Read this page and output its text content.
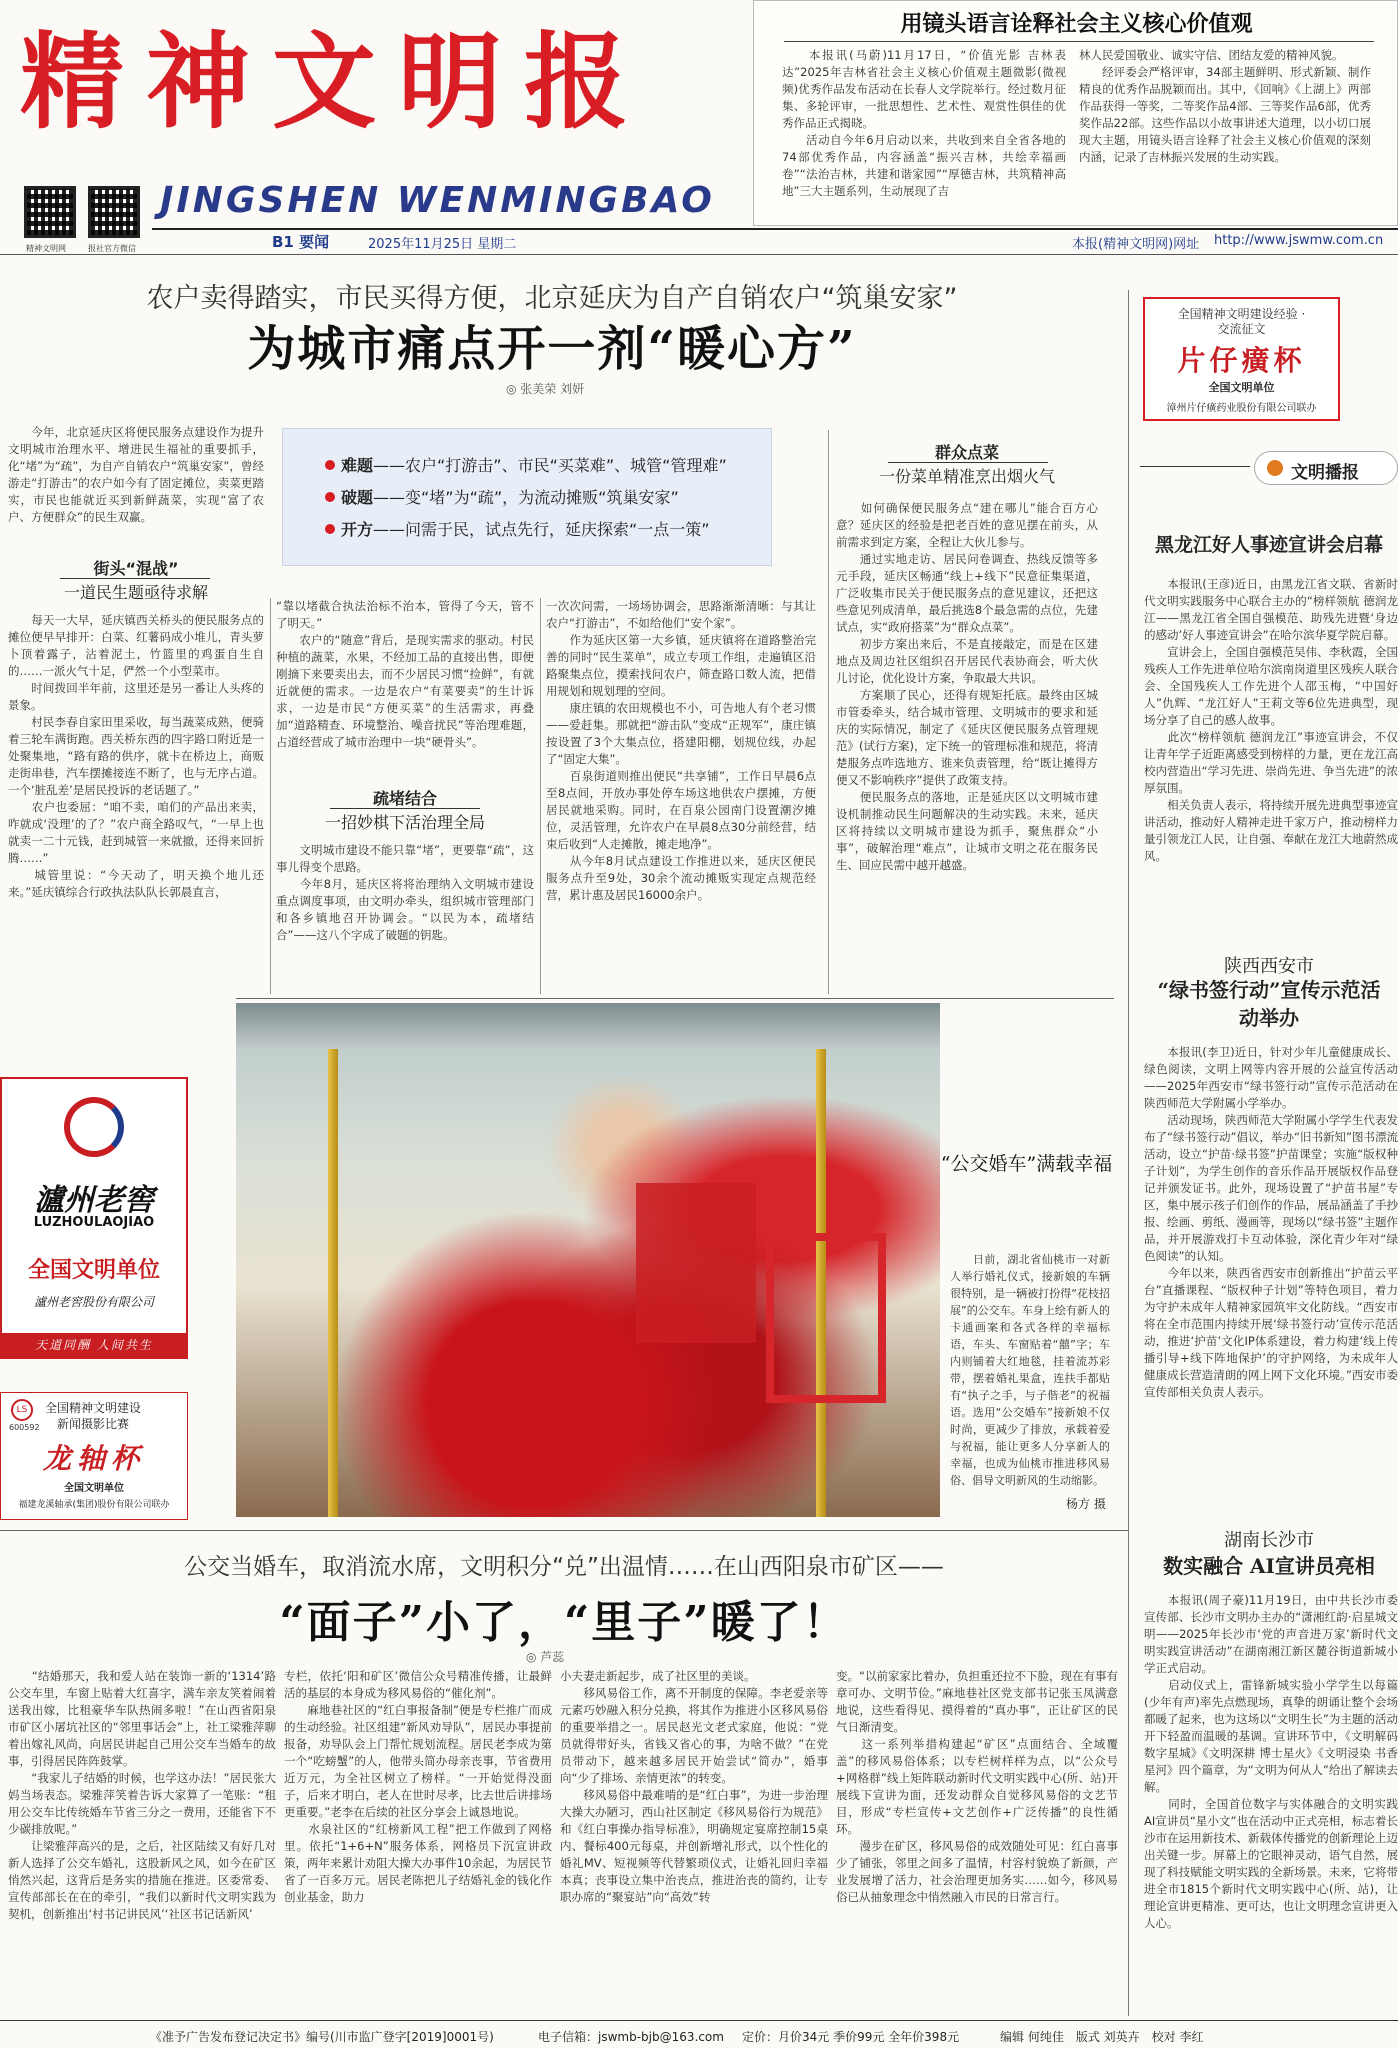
精神文明报
JINGSHEN WENMINGBAO
精神文明网	报社官方微信	B1 要闻	2025年11月25日 星期二	本报(精神文明网)网址 http://www.jswmw.com.cn
用镜头语言诠释社会主义核心价值观
　　本报讯(马蔚)11月17日，“价值光影 吉林表达”2025年吉林省社会主义核心价值观主题微影(微视频)优秀作品发布活动在长春人文学院举行。经过数月征集、多轮评审，一批思想性、艺术性、观赏性俱佳的优秀作品正式揭晓。
　　活动自今年6月启动以来，共收到来自全省各地的74部优秀作品，内容涵盖“振兴吉林，共绘幸福画卷”“法治吉林，共建和谐家园”“厚德吉林，共筑精神高地”三大主题系列，生动展现了吉
林人民爱国敬业、诚实守信、团结友爱的精神风貌。
　　经评委会严格评审，34部主题鲜明、形式新颖、制作精良的优秀作品脱颖而出。其中，《回响》《上湖上》两部作品获得一等奖，二等奖作品4部、三等奖作品6部，优秀奖作品22部。这些作品以小故事讲述大道理，以小切口展现大主题，用镜头语言诠释了社会主义核心价值观的深刻内涵，记录了吉林振兴发展的生动实践。
农户卖得踏实，市民买得方便，北京延庆为自产自销农户“筑巢安家”
为城市痛点开一剂“暖心方”
◎ 张美荣 刘妍
　　今年，北京延庆区将便民服务点建设作为提升文明城市治理水平、增进民生福祉的重要抓手，化“堵”为“疏”，为自产自销农户“筑巢安家”，曾经游走“打游击”的农户如今有了固定摊位，卖菜更踏实，市民也能就近买到新鲜蔬菜，实现“富了农户、方便群众”的民生双赢。
难题——农户“打游击”、市民“买菜难”、城管“管理难”
破题——变“堵”为“疏”，为流动摊贩“筑巢安家”
开方——问需于民，试点先行，延庆探索“一点一策”
街头“混战”
一道民生题亟待求解
　　每天一大早，延庆镇西关桥头的便民服务点的摊位便早早排开：白菜、红薯码成小堆儿，青头萝卜顶着露子，沾着泥土，竹篮里的鸡蛋自生自的……一派火气十足，俨然一个小型菜市。
　　时间拨回半年前，这里还是另一番让人头疼的景象。
　　村民李春自家田里采收，每当蔬菜成熟，便骑着三轮车满街跑。西关桥东西的四字路口附近是一处聚集地，“路有路的供序，就卡在桥边上，商贩走街串巷，汽车摆摊接连不断了，也与无序占道。一个‘脏乱差’是居民投诉的老话题了。”
　　农户也委屈：“咱不卖，咱们的产品出来卖，咋就成‘没理’的了？”农户商全路叹气，“一早上也就卖一二十元钱，赶到城管一来就撤，还得来回折腾……”
　　城管里说：“今天动了，明天换个地儿还来。”延庆镇综合行政执法队队长郭晨直言，
“靠以堵截合执法治标不治本，管得了今天，管不了明天。”
　　农户的“随意”背后，是现实需求的驱动。村民种植的蔬菜，水果，不经加工品的直接出售，即便刚摘下来要卖出去，而不少居民习惯“捡鲜”，有就近就便的需求。一边是农户“有菜要卖”的生计诉求，一边是市民“方便买菜”的生活需求，再叠加“道路精查、环境整治、噪音扰民”等治理难题，占道经营成了城市治理中一块“硬骨头”。
疏堵结合
一招妙棋下活治理全局
　　文明城市建设不能只靠“堵”，更要靠“疏”，这事儿得变个思路。
　　今年8月，延庆区将将治理纳入文明城市建设重点调度事项，由文明办牵头，组织城市管理部门和各乡镇地召开协调会。“以民为本，疏堵结合”——这八个字成了破题的钥匙。
一次次问需，一场场协调会，思路渐渐清晰：与其让农户“打游击”，不如给他们“安个家”。
　　作为延庆区第一大乡镇，延庆镇将在道路整治完善的同时“民生菜单”，成立专项工作组，走遍镇区沿路聚集点位，摸索找问农户，筛查路口数人流，把借用规划和规划理的空间。
　　康庄镇的农田规模也不小，可告地人有个老习惯——爱赶集。那就把“游击队”变成“正规军”，康庄镇按设置了3个大集点位，搭建阳棚，划规位线，办起了“固定大集”。
　　百泉街道则推出便民“共享铺”，工作日早晨6点至8点间，开放办事处停车场这地供农户摆摊，方便居民就地采购。同时，在百泉公园南门设置潮汐摊位，灵活管理，允许农户在早晨8点30分前经营，结束后收到“人走摊散，摊走地净”。
　　从今年8月试点建设工作推进以来，延庆区便民服务点升至9处，30余个流动摊贩实现定点规范经营，累计惠及居民16000余户。
群众点菜
一份菜单精准烹出烟火气
　　如何确保便民服务点“建在哪儿”能合百方心意？延庆区的经验是把老百姓的意见摆在前头，从前需求到定方案，全程让大伙儿参与。
　　通过实地走访、居民问卷调查、热线反馈等多元手段，延庆区畅通“线上+线下”民意征集渠道，广泛收集市民关于便民服务点的意见建议，还把这些意见列成清单，最后挑选8个最急需的点位，先建试点，实“政府搭菜”为“群众点菜”。
　　初步方案出来后，不是直接敲定，而是在区建地点及周边社区组织召开居民代表协商会，听大伙儿讨论，优化设计方案，争取最大共识。
　　方案顺了民心，还得有规矩托底。最终由区城市管委牵头，结合城市管理、文明城市的要求和延庆的实际情况，制定了《延庆区便民服务点管理规范》(试行方案)，定下统一的管理标准和规范，将清楚服务点咋选地方、谁来负责管理，给“既让摊得方便又不影响秩序”提供了政策支持。
　　便民服务点的落地，正是延庆区以文明城市建设机制推动民生问题解决的生动实践。未来，延庆区将持续以文明城市建设为抓手，聚焦群众“小事”，破解治理“难点”，让城市文明之花在服务民生、回应民需中越开越盛。
“公交婚车”满载幸福
　　日前，湖北省仙桃市一对新人举行婚礼仪式，接新娘的车辆很特别，是一辆被打扮得“花枝招展”的公交车。车身上绘有新人的卡通画案和各式各样的幸福标语，车头、车窗贴着“囍”字；车内则铺着大红地毯，挂着流苏彩带，摆着婚礼果盒，连扶手都贴有“执子之手，与子偕老”的祝福语。选用“公交婚车”接新娘不仅时尚，更减少了排放，承载着爱与祝福，能让更多人分享新人的幸福，也成为仙桃市推进移风易俗、倡导文明新风的生动缩影。
杨方 摄
全国精神文明建设经验 · 交流征文
片仔癀杯
全国文明单位
漳州片仔癀药业股份有限公司联办
文明播报
黑龙江好人事迹宣讲会启幕
　　本报讯(王彦)近日，由黑龙江省文联、省新时代文明实践服务中心联合主办的“榜样领航 德润龙江——黑龙江省全国自强模范、助残先进暨‘身边的感动’好人事迹宣讲会”在哈尔滨华夏学院启幕。
　　宣讲会上，全国自强模范吴伟、李秋霞，全国残疾人工作先进单位哈尔滨南岗道里区残疾人联合会、全国残疾人工作先进个人邵玉梅，“中国好人”仇辉、“龙江好人”王莉文等6位先进典型，现场分享了自己的感人故事。
　　此次“榜样领航 德润龙江”事迹宣讲会，不仅让青年学子近距离感受到榜样的力量，更在龙江高校内营造出“学习先进、崇尚先进、争当先进”的浓厚氛围。
　　相关负责人表示，将持续开展先进典型事迹宣讲活动，推动好人精神走进千家万户，推动榜样力量引领龙江人民，让自强、奉献在龙江大地蔚然成风。
陕西西安市
“绿书签行动”宣传示范活动举办
　　本报讯(李卫)近日，针对少年儿童健康成长、绿色阅读，文明上网等内容开展的公益宣传活动——2025年西安市“绿书签行动”宣传示范活动在陕西师范大学附属小学举办。
　　活动现场，陕西师范大学附属小学学生代表发布了“绿书签行动”倡议，举办“旧书新知”图书漂流活动，设立“护苗·绿书签”护苗课堂；实施“版权种子计划”，为学生创作的音乐作品开展版权作品登记并颁发证书。此外，现场设置了“护苗书屋”专区，集中展示孩子们创作的作品，展品涵盖了手抄报、绘画、剪纸、漫画等，现场以“绿书签”主题作品，并开展游戏打卡互动体验，深化青少年对“绿色阅读”的认知。
　　今年以来，陕西省西安市创新推出“护苗云平台”直播课程、“版权种子计划”等特色项目，着力为守护未成年人精神家园筑牢文化防线。“西安市将在全市范围内持续开展‘绿书签行动’宣传示范活动，推进‘护苗’文化IP体系建设，着力构建‘线上传播引导+线下阵地保护’的守护网络，为未成年人健康成长营造清朗的网上网下文化环境。”西安市委宣传部相关负责人表示。
湖南长沙市
数实融合 AI宣讲员亮相
　　本报讯(周子豪)11月19日，由中共长沙市委宣传部、长沙市文明办主办的“潇湘红韵·启星城文明——2025年长沙市‘党的声音进万家’新时代文明实践宣讲活动”在湖南湘江新区麓谷街道新城小学正式启动。
　　启动仪式上，雷锋新城实验小学学生以每篇(少年有声)率先点燃现场，真挚的朗诵让整个会场都暖了起来，也为这场以“文明生长”为主题的活动开下轻盈而温暖的基调。宣讲环节中，《文明解码 数字星城》《文明深耕 博士星火》《文明浸染 书香星河》四个篇章，为“文明为何从人”给出了解读去解。
　　同时，全国首位数字与实体融合的文明实践 AI宣讲员“星小文”也在活动中正式亮相，标志着长沙市在运用新技术、新载体传播党的创新理论上迈出关键一步。屏幕上的它眼神灵动，语气自然，展现了科技赋能文明实践的全新场景。未来，它将带进全市1815个新时代文明实践中心(所、站)，让理论宣讲更精准、更可达，也让文明理念宣讲更入人心。
瀘州老窖
LUZHOULAOJIAO
全国文明单位
瀘州老窖股份有限公司
天道同酬 人间共生
LS
600592
全国精神文明建设
新闻摄影比赛
龙轴杯
全国文明单位
福建龙溪轴承(集团)股份有限公司联办
公交当婚车，取消流水席，文明积分“兑”出温情……在山西阳泉市矿区——
“面子”小了，“里子”暖了！
◎ 芦蕊
　　“结婚那天，我和爱人站在装饰一新的‘1314’路公交车里，车窗上贴着大红喜字，满车亲友笑着闹着送我出嫁，比租豪华车队热闹多啦！”在山西省阳泉市矿区小屠坑社区的“邻里事话会”上，社工梁雅萍聊着出嫁礼风尚，向居民讲起自己用公交车当婚车的故事，引得居民阵阵鼓掌。
　　“我家儿子结婚的时候，也学这办法！”居民张大妈当场表态。梁雅萍笑着告诉大家算了一笔账：“租用公交车比传统婚车节省三分之一费用，还能省下不少碳排放呢。”
　　让梁雅萍高兴的是，之后，社区陆续又有好几对新人选择了公交车婚礼，这股新风之风，如今在矿区悄然兴起，这背后是务实的措施在推进。区委常委、宣传部部长在在的牵引，“我们以新时代文明实践为契机，创新推出‘村书记讲民风’‘社区书记话新风’
专栏，依托‘阳和矿区’微信公众号精准传播，让最鲜活的基层的本身成为移风易俗的“催化剂”。
　　麻地巷社区的“红白事报备制”便是专栏推广而成的生动经验。社区组建“新风劝导队”，居民办事提前报备，劝导队会上门帮忙规划流程。居民老李成为第一个“吃螃蟹”的人，他带头简办母亲丧事，节省费用近万元，为全社区树立了榜样。“一开始觉得没面子，后来才明白，老人在世时尽孝，比去世后讲排场更重要。”老李在后续的社区分享会上诚恳地说。
　　水泉社区的“红榜新风工程”把工作做到了网格里。依托“1+6+N”服务体系，网格员下沉宣讲政策，两年来累计劝阻大操大办事件10余起，为居民节省了一百多万元。居民老陈把儿子结婚礼金的钱化作创业基金，助力
小夫妻走新起步，成了社区里的美谈。
　　移风易俗工作，离不开制度的保障。李老爱亲等元素巧妙融入积分兑换，将其作为推进小区移风易俗的重要举措之一。居民赵光文老式家庭，他说：“党员就得带好头，省钱又省心的事，为啥不做？”在党员带动下，越来越多居民开始尝试“简办”，婚事向“少了排场、亲情更浓”的转变。
　　移风易俗中最难啃的是“红白事”，为进一步治理大操大办陋习，西山社区制定《移风易俗行为规范》和《红白事操办指导标准》，明确规定宴席控制15桌内、餐标400元每桌，并创新增礼形式，以个性化的婚礼MV、短视频等代替繁琐仪式，让婚礼回归幸福本真；丧事设立集中治丧点，推进治丧的简约，让专职办席的“聚宴站”向“高效”转
变。“以前家家比着办，负担重还拉不下脸，现在有事有章可办、文明节俭。”麻地巷社区党支部书记张玉凤满意地说，这些看得见、摸得着的“真办事”，正让矿区的民气日渐清变。
　　这一系列举措构建起“矿区”点面结合、全域覆盖”的移风易俗体系；以专栏树样样为点，以“公众号+网格群”线上矩阵联动新时代文明实践中心(所、站)开展线下宣讲为面，还发动群众自觉移风易俗的文艺节目，形成“专栏宣传+文艺创作+广泛传播”的良性循环。
　　漫步在矿区，移风易俗的成效随处可见：红白喜事少了铺张，邻里之间多了温情，村容村貌焕了新颜，产业发展增了活力，社会治理更加务实……如今，移风易俗已从抽象理念中悄然融入市民的日常言行。
《准予广告发布登记决定书》编号(川市监广登字[2019]0001号)	电子信箱：jswmb-bjb@163.com 定价：月价34元 季价99元 全年价398元	编辑 何纯佳　版式 刘英卉　校对 李红
